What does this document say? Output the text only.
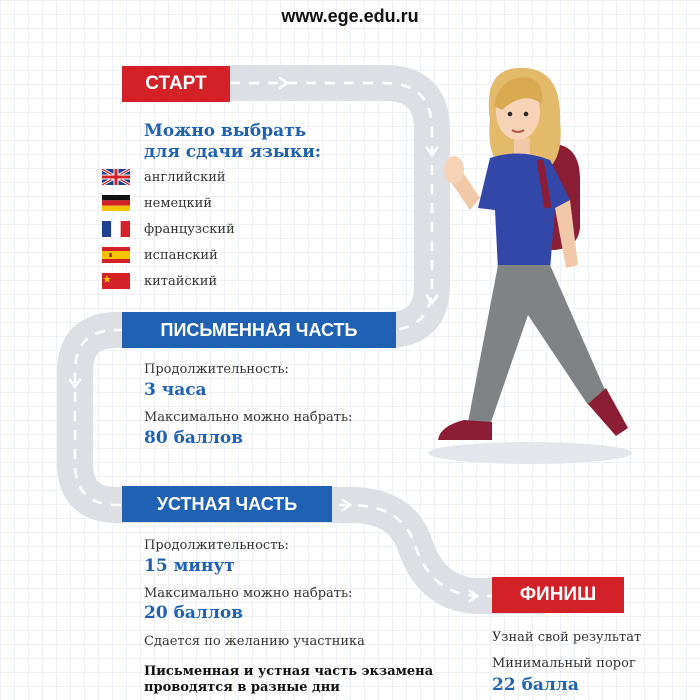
www.ege.edu.ru
СТАРТ
Можно выбрать для сдачи языки:
английский
немецкий
французский
испанский
китайский
ПИСЬМЕННАЯ ЧАСТЬ
Продолжительность:
3 часа
Максимально можно набрать:
80 баллов
УСТНАЯ ЧАСТЬ
Продолжительность:
15 минут
Максимально можно набрать:
20 баллов
Сдается по желанию участника
Письменная и устная часть экзамена проводятся в разные дни
ФИНИШ
Узнай свой результат
Минимальный порог
22 балла
